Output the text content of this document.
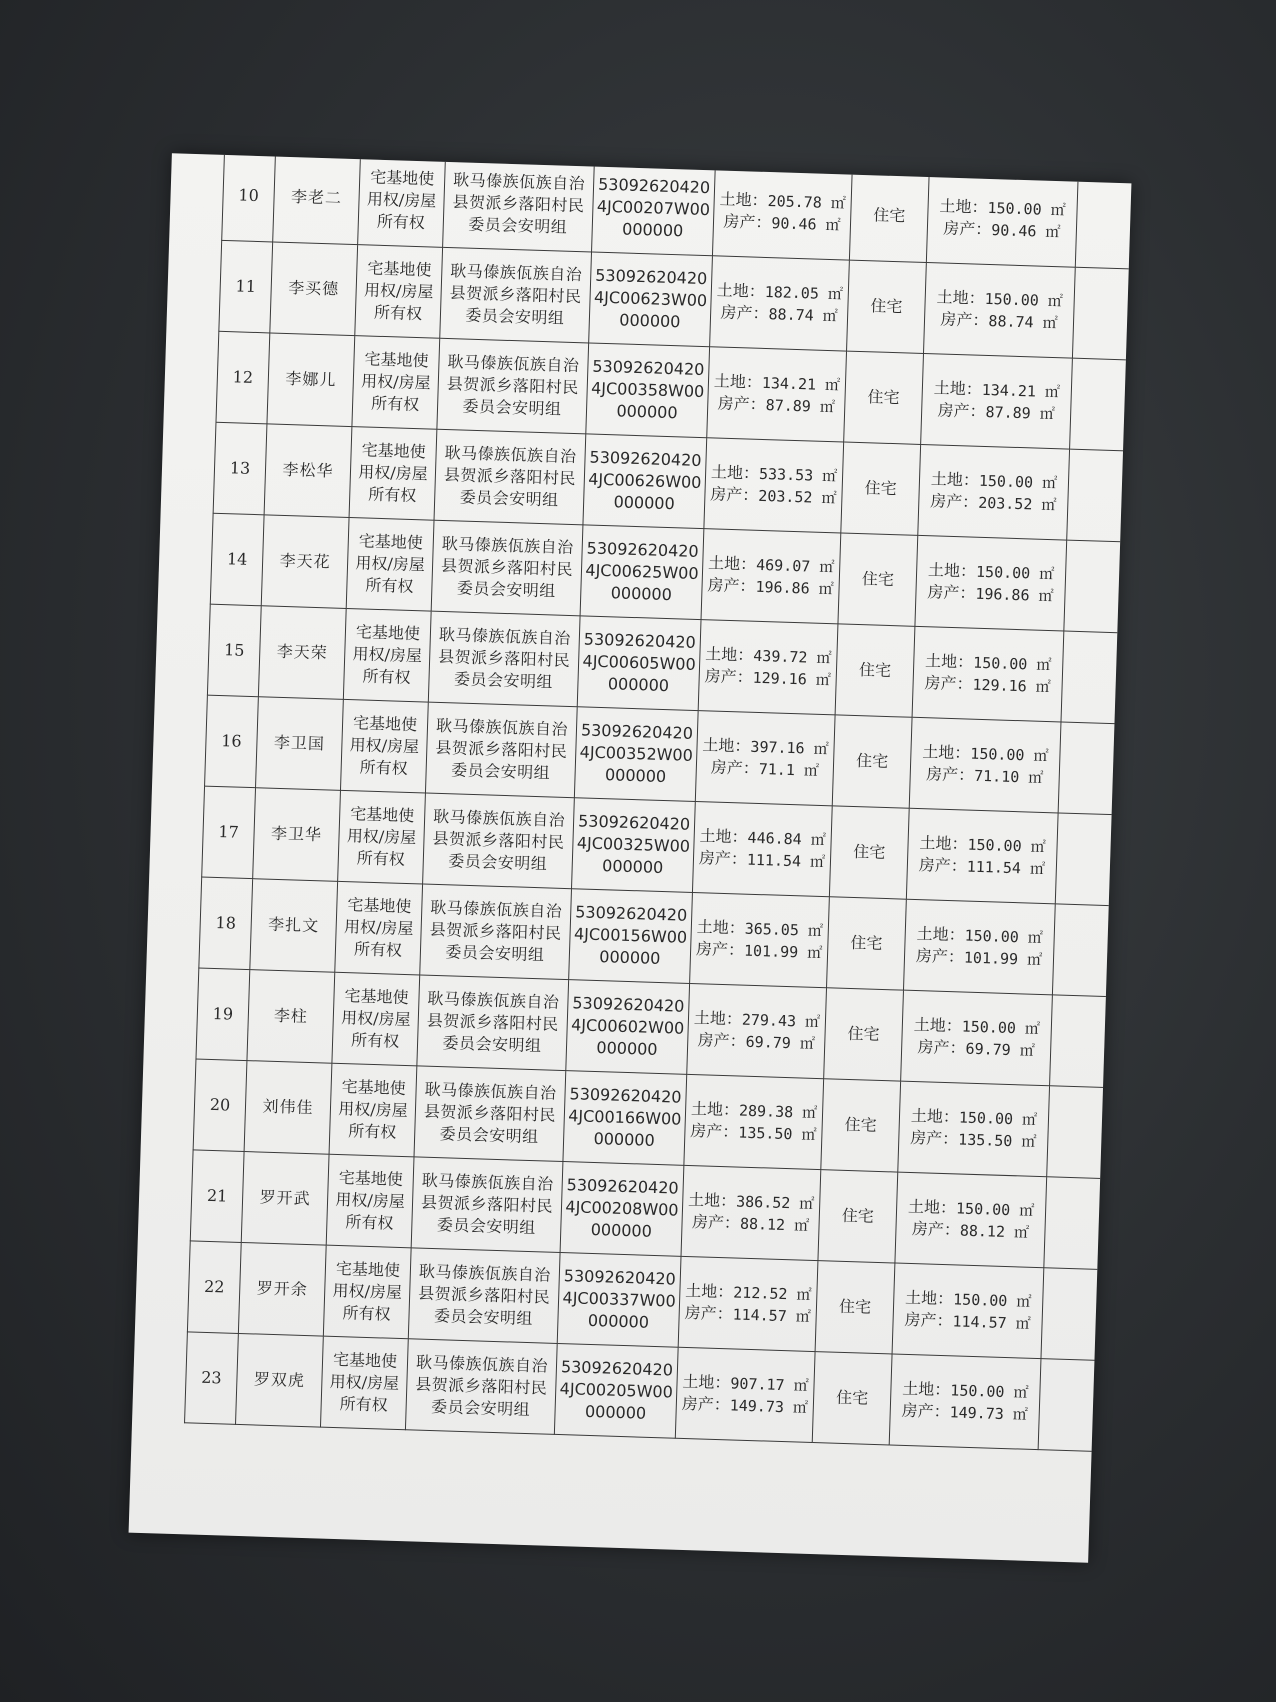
10	李老二	宅基地使
用权/房屋
所有权	耿马傣族佤族自治
县贺派乡落阳村民
委员会安明组	53092620420
4JC00207W00
000000	土地：205.78 ㎡
房产：90.46 ㎡	住宅	土地：150.00 ㎡
房产：90.46 ㎡	

11	李买德	宅基地使
用权/房屋
所有权	耿马傣族佤族自治
县贺派乡落阳村民
委员会安明组	53092620420
4JC00623W00
000000	土地：182.05 ㎡
房产：88.74 ㎡	住宅	土地：150.00 ㎡
房产：88.74 ㎡	

12	李娜儿	宅基地使
用权/房屋
所有权	耿马傣族佤族自治
县贺派乡落阳村民
委员会安明组	53092620420
4JC00358W00
000000	土地：134.21 ㎡
房产：87.89 ㎡	住宅	土地：134.21 ㎡
房产：87.89 ㎡	

13	李松华	宅基地使
用权/房屋
所有权	耿马傣族佤族自治
县贺派乡落阳村民
委员会安明组	53092620420
4JC00626W00
000000	土地：533.53 ㎡
房产：203.52 ㎡	住宅	土地：150.00 ㎡
房产：203.52 ㎡	

14	李天花	宅基地使
用权/房屋
所有权	耿马傣族佤族自治
县贺派乡落阳村民
委员会安明组	53092620420
4JC00625W00
000000	土地：469.07 ㎡
房产：196.86 ㎡	住宅	土地：150.00 ㎡
房产：196.86 ㎡	

15	李天荣	宅基地使
用权/房屋
所有权	耿马傣族佤族自治
县贺派乡落阳村民
委员会安明组	53092620420
4JC00605W00
000000	土地：439.72 ㎡
房产：129.16 ㎡	住宅	土地：150.00 ㎡
房产：129.16 ㎡	

16	李卫国	宅基地使
用权/房屋
所有权	耿马傣族佤族自治
县贺派乡落阳村民
委员会安明组	53092620420
4JC00352W00
000000	土地：397.16 ㎡
房产：71.1 ㎡	住宅	土地：150.00 ㎡
房产：71.10 ㎡	

17	李卫华	宅基地使
用权/房屋
所有权	耿马傣族佤族自治
县贺派乡落阳村民
委员会安明组	53092620420
4JC00325W00
000000	土地：446.84 ㎡
房产：111.54 ㎡	住宅	土地：150.00 ㎡
房产：111.54 ㎡	

18	李扎文	宅基地使
用权/房屋
所有权	耿马傣族佤族自治
县贺派乡落阳村民
委员会安明组	53092620420
4JC00156W00
000000	土地：365.05 ㎡
房产：101.99 ㎡	住宅	土地：150.00 ㎡
房产：101.99 ㎡	

19	李柱	宅基地使
用权/房屋
所有权	耿马傣族佤族自治
县贺派乡落阳村民
委员会安明组	53092620420
4JC00602W00
000000	土地：279.43 ㎡
房产：69.79 ㎡	住宅	土地：150.00 ㎡
房产：69.79 ㎡	

20	刘伟佳	宅基地使
用权/房屋
所有权	耿马傣族佤族自治
县贺派乡落阳村民
委员会安明组	53092620420
4JC00166W00
000000	土地：289.38 ㎡
房产：135.50 ㎡	住宅	土地：150.00 ㎡
房产：135.50 ㎡	

21	罗开武	宅基地使
用权/房屋
所有权	耿马傣族佤族自治
县贺派乡落阳村民
委员会安明组	53092620420
4JC00208W00
000000	土地：386.52 ㎡
房产：88.12 ㎡	住宅	土地：150.00 ㎡
房产：88.12 ㎡	

22	罗开余	宅基地使
用权/房屋
所有权	耿马傣族佤族自治
县贺派乡落阳村民
委员会安明组	53092620420
4JC00337W00
000000	土地：212.52 ㎡
房产：114.57 ㎡	住宅	土地：150.00 ㎡
房产：114.57 ㎡	

23	罗双虎	宅基地使
用权/房屋
所有权	耿马傣族佤族自治
县贺派乡落阳村民
委员会安明组	53092620420
4JC00205W00
000000	土地：907.17 ㎡
房产：149.73 ㎡	住宅	土地：150.00 ㎡
房产：149.73 ㎡	
